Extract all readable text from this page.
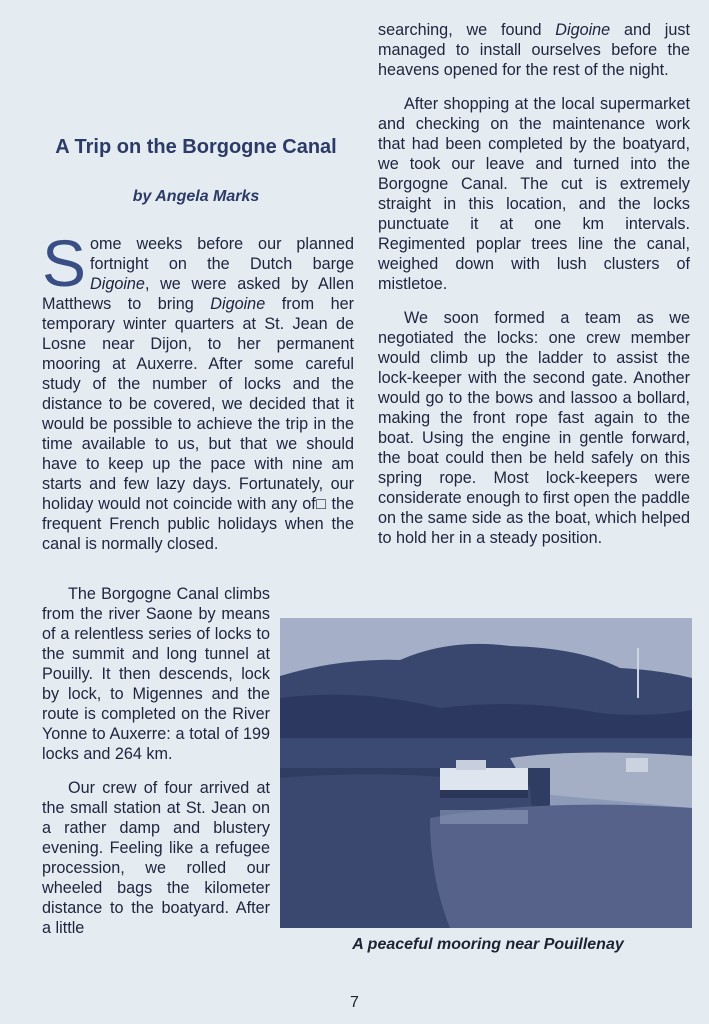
A Trip on the Borgogne Canal
by Angela Marks

Some weeks before our planned fortnight on the Dutch barge Digoine, we were asked by Allen Matthews to bring Digoine from her temporary winter quarters at St. Jean de Losne near Dijon, to her permanent mooring at Auxerre. After some careful study of the number of locks and the distance to be covered, we decided that it would be possible to achieve the trip in the time available to us, but that we should have to keep up the pace with nine am starts and few lazy days. Fortunately, our holiday would not coincide with any of□ the frequent French public holidays when the canal is normally closed.

The Borgogne Canal climbs from the river Saone by means of a relentless series of locks to the summit and long tunnel at Pouilly. It then descends, lock by lock, to Migennes and the route is completed on the River Yonne to Auxerre: a total of 199 locks and 264 km.

Our crew of four arrived at the small station at St. Jean on a rather damp and blustery evening. Feeling like a refugee procession, we rolled our wheeled bags the kilometer distance to the boatyard. After a little

searching, we found Digoine and just managed to install ourselves before the heavens opened for the rest of the night.

After shopping at the local supermarket and checking on the maintenance work that had been completed by the boatyard, we took our leave and turned into the Borgogne Canal. The cut is extremely straight in this location, and the locks punctuate it at one km intervals. Regimented poplar trees line the canal, weighed down with lush clusters of mistletoe.

We soon formed a team as we negotiated the locks: one crew member would climb up the ladder to assist the lock-keeper with the second gate. Another would go to the bows and lassoo a bollard, making the front rope fast again to the boat. Using the engine in gentle forward, the boat could then be held safely on this spring rope. Most lock-keepers were considerate enough to first open the paddle on the same side as the boat, which helped to hold her in a steady position.

A peaceful mooring near Pouillenay
7
